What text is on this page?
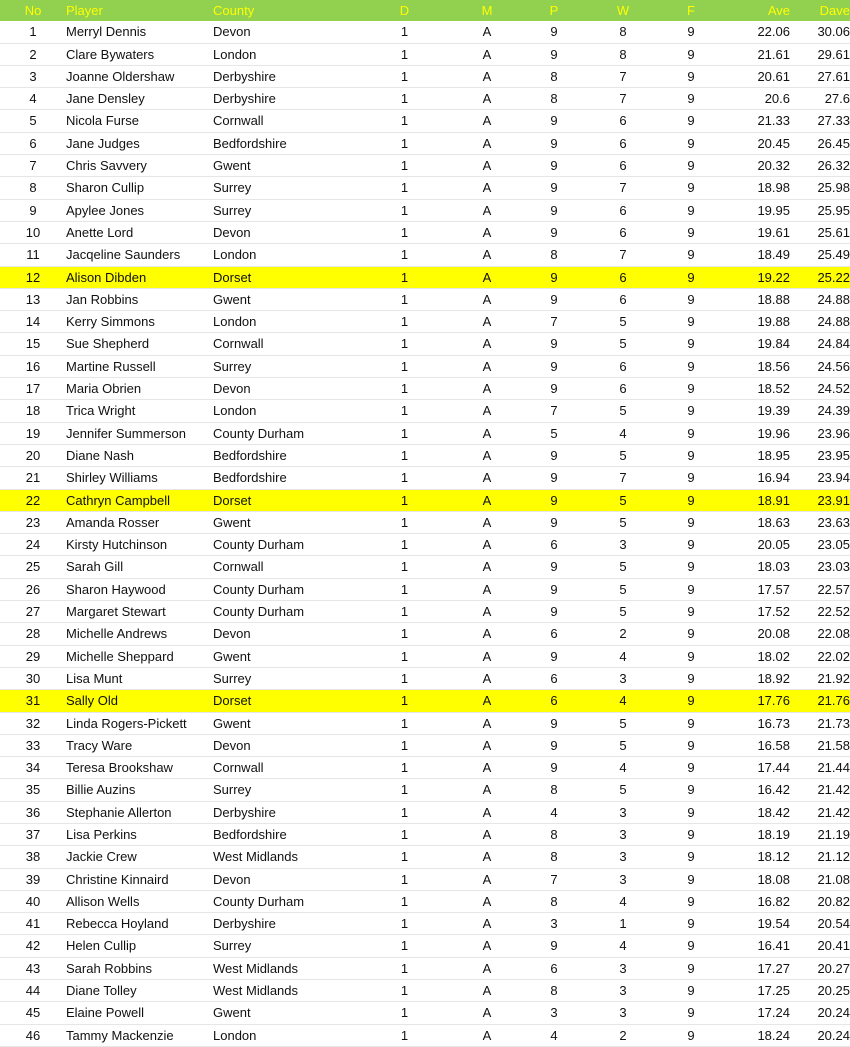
No	Player	County	D	M	P	W	F	Ave	Dave
1	Merryl Dennis	Devon	1	A	9	8	9	22.06	30.06
2	Clare Bywaters	London	1	A	9	8	9	21.61	29.61
3	Joanne Oldershaw	Derbyshire	1	A	8	7	9	20.61	27.61
4	Jane Densley	Derbyshire	1	A	8	7	9	20.6	27.6
5	Nicola Furse	Cornwall	1	A	9	6	9	21.33	27.33
6	Jane Judges	Bedfordshire	1	A	9	6	9	20.45	26.45
7	Chris Savvery	Gwent	1	A	9	6	9	20.32	26.32
8	Sharon Cullip	Surrey	1	A	9	7	9	18.98	25.98
9	Apylee Jones	Surrey	1	A	9	6	9	19.95	25.95
10	Anette Lord	Devon	1	A	9	6	9	19.61	25.61
11	Jacqeline Saunders	London	1	A	8	7	9	18.49	25.49
12	Alison Dibden	Dorset	1	A	9	6	9	19.22	25.22
13	Jan Robbins	Gwent	1	A	9	6	9	18.88	24.88
14	Kerry Simmons	London	1	A	7	5	9	19.88	24.88
15	Sue Shepherd	Cornwall	1	A	9	5	9	19.84	24.84
16	Martine Russell	Surrey	1	A	9	6	9	18.56	24.56
17	Maria Obrien	Devon	1	A	9	6	9	18.52	24.52
18	Trica Wright	London	1	A	7	5	9	19.39	24.39
19	Jennifer Summerson	County Durham	1	A	5	4	9	19.96	23.96
20	Diane Nash	Bedfordshire	1	A	9	5	9	18.95	23.95
21	Shirley Williams	Bedfordshire	1	A	9	7	9	16.94	23.94
22	Cathryn Campbell	Dorset	1	A	9	5	9	18.91	23.91
23	Amanda Rosser	Gwent	1	A	9	5	9	18.63	23.63
24	Kirsty Hutchinson	County Durham	1	A	6	3	9	20.05	23.05
25	Sarah Gill	Cornwall	1	A	9	5	9	18.03	23.03
26	Sharon Haywood	County Durham	1	A	9	5	9	17.57	22.57
27	Margaret Stewart	County Durham	1	A	9	5	9	17.52	22.52
28	Michelle Andrews	Devon	1	A	6	2	9	20.08	22.08
29	Michelle Sheppard	Gwent	1	A	9	4	9	18.02	22.02
30	Lisa Munt	Surrey	1	A	6	3	9	18.92	21.92
31	Sally Old	Dorset	1	A	6	4	9	17.76	21.76
32	Linda Rogers-Pickett	Gwent	1	A	9	5	9	16.73	21.73
33	Tracy Ware	Devon	1	A	9	5	9	16.58	21.58
34	Teresa Brookshaw	Cornwall	1	A	9	4	9	17.44	21.44
35	Billie Auzins	Surrey	1	A	8	5	9	16.42	21.42
36	Stephanie Allerton	Derbyshire	1	A	4	3	9	18.42	21.42
37	Lisa Perkins	Bedfordshire	1	A	8	3	9	18.19	21.19
38	Jackie Crew	West Midlands	1	A	8	3	9	18.12	21.12
39	Christine Kinnaird	Devon	1	A	7	3	9	18.08	21.08
40	Allison Wells	County Durham	1	A	8	4	9	16.82	20.82
41	Rebecca Hoyland	Derbyshire	1	A	3	1	9	19.54	20.54
42	Helen Cullip	Surrey	1	A	9	4	9	16.41	20.41
43	Sarah Robbins	West Midlands	1	A	6	3	9	17.27	20.27
44	Diane Tolley	West Midlands	1	A	8	3	9	17.25	20.25
45	Elaine Powell	Gwent	1	A	3	3	9	17.24	20.24
46	Tammy Mackenzie	London	1	A	4	2	9	18.24	20.24
